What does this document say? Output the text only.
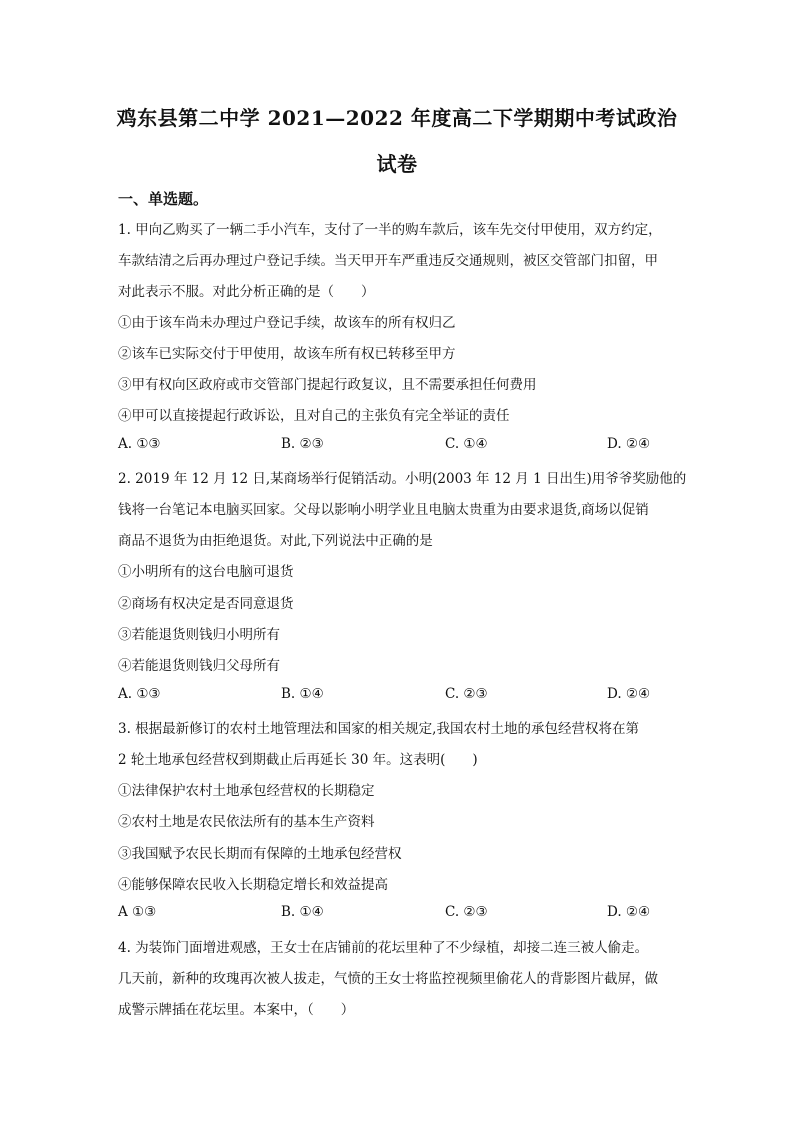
鸡东县第二中学 2021—2022 年度高二下学期期中考试政治
试卷
一、单选题。
1. 甲向乙购买了一辆二手小汽车，支付了一半的购车款后，该车先交付甲使用，双方约定，
车款结清之后再办理过户登记手续。当天甲开车严重违反交通规则，被区交管部门扣留，甲
对此表示不服。对此分析正确的是（　　）
①由于该车尚未办理过户登记手续，故该车的所有权归乙
②该车已实际交付于甲使用，故该车所有权已转移至甲方
③甲有权向区政府或市交管部门提起行政复议，且不需要承担任何费用
④甲可以直接提起行政诉讼，且对自己的主张负有完全举证的责任
A. ①③	B. ②③	C. ①④	D. ②④
2. 2019 年 12 月 12 日,某商场举行促销活动。小明(2003 年 12 月 1 日出生)用爷爷奖励他的
钱将一台笔记本电脑买回家。父母以影响小明学业且电脑太贵重为由要求退货,商场以促销
商品不退货为由拒绝退货。对此,下列说法中正确的是
①小明所有的这台电脑可退货
②商场有权决定是否同意退货
③若能退货则钱归小明所有
④若能退货则钱归父母所有
A. ①③	B. ①④	C. ②③	D. ②④
3. 根据最新修订的农村土地管理法和国家的相关规定,我国农村土地的承包经营权将在第
2 轮土地承包经营权到期截止后再延长 30 年。这表明(　　)
①法律保护农村土地承包经营权的长期稳定
②农村土地是农民依法所有的基本生产资料
③我国赋予农民长期而有保障的土地承包经营权
④能够保障农民收入长期稳定增长和效益提高
A ①③	B. ①④	C. ②③	D. ②④
4. 为装饰门面增进观感，王女士在店铺前的花坛里种了不少绿植，却接二连三被人偷走。
几天前，新种的玫瑰再次被人拔走，气愤的王女士将监控视频里偷花人的背影图片截屏，做
成警示牌插在花坛里。本案中，（　　）
